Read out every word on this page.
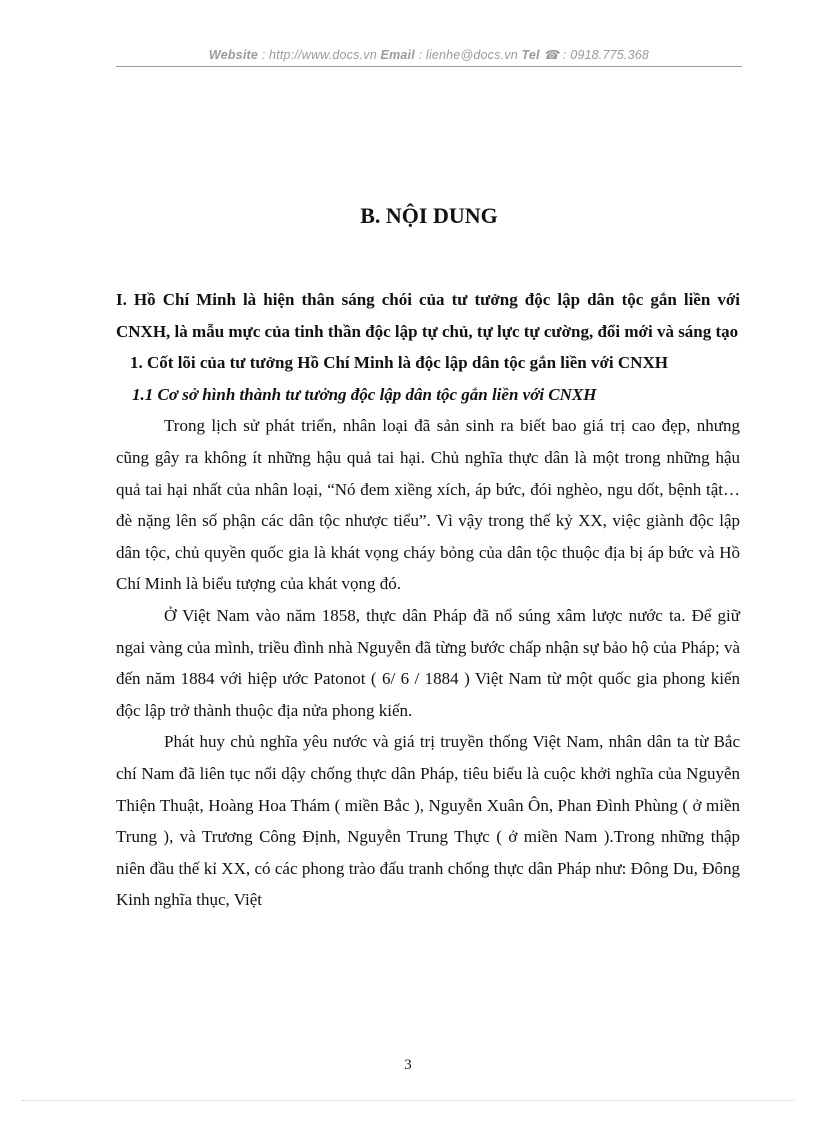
Website : http://www.docs.vn Email : lienhe@docs.vn Tel ☎ : 0918.775.368
B. NỘI DUNG

I. Hồ Chí Minh là hiện thân sáng chói của tư tưởng độc lập dân tộc gắn liền với CNXH, là mẫu mực của tinh thần độc lập tự chủ, tự lực tự cường, đổi mới và sáng tạo

1. Cốt lõi của tư tưởng Hồ Chí Minh là độc lập dân tộc gắn liền với CNXH

1.1 Cơ sở hình thành tư tưởng độc lập dân tộc gắn liền với CNXH

Trong lịch sử phát triển, nhân loại đã sản sinh ra biết bao giá trị cao đẹp, nhưng cũng gây ra không ít những hậu quả tai hại. Chủ nghĩa thực dân là một trong những hậu quả tai hại nhất của nhân loại, “Nó đem xiềng xích, áp bức, đói nghèo, ngu dốt, bệnh tật…đè nặng lên số phận các dân tộc nhược tiểu”. Vì vậy trong thế kỷ XX, việc giành độc lập dân tộc, chủ quyền quốc gia là khát vọng cháy bỏng của dân tộc thuộc địa bị áp bức và Hồ Chí Minh là biểu tượng của khát vọng đó.

Ở Việt Nam vào năm 1858, thực dân Pháp đã nổ súng xâm lược nước ta. Để giữ ngai vàng của mình, triều đình nhà Nguyễn đã từng bước chấp nhận sự bảo hộ của Pháp; và đến năm 1884 với hiệp ước Patonot ( 6/ 6 / 1884 ) Việt Nam từ một quốc gia phong kiến độc lập trở thành thuộc địa nửa phong kiến.

Phát huy chủ nghĩa yêu nước và giá trị truyền thống Việt Nam, nhân dân ta từ Bắc chí Nam đã liên tục nổi dậy chống thực dân Pháp, tiêu biểu là cuộc khởi nghĩa của Nguyễn Thiện Thuật, Hoàng Hoa Thám ( miền Bắc ), Nguyễn Xuân Ôn, Phan Đình Phùng ( ở miền Trung ), và Trương Công Định, Nguyễn Trung Thực ( ở miền Nam ).Trong những thập niên đầu thế kỉ XX, có các phong trào đấu tranh chống thực dân Pháp như: Đông Du, Đông Kinh nghĩa thục, Việt

3
